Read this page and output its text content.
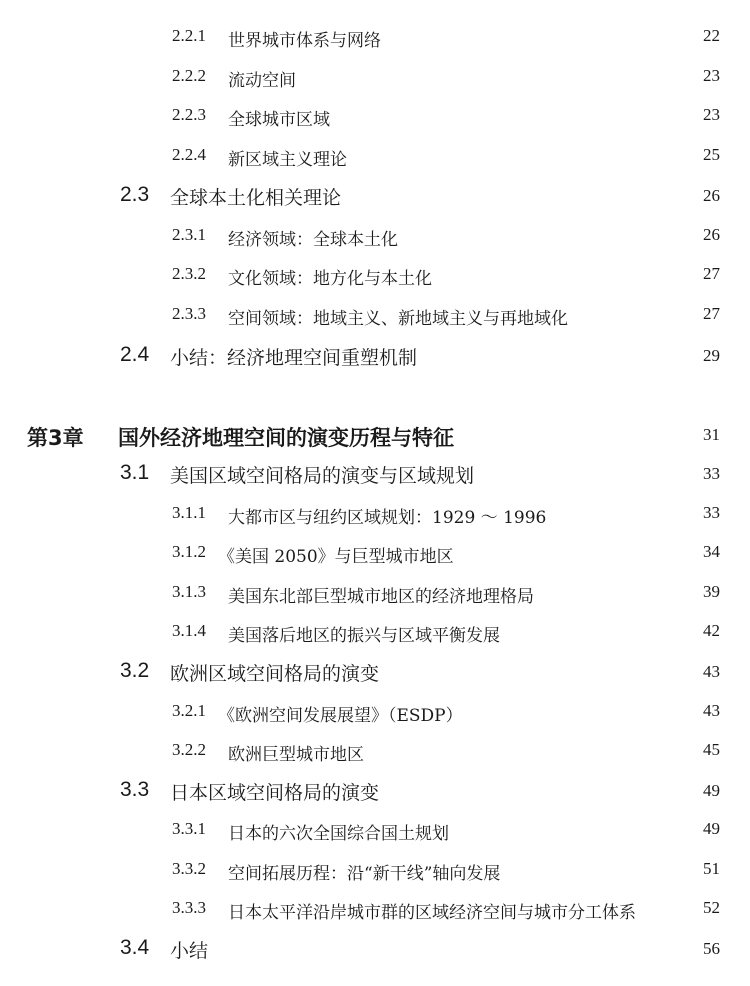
2.2.1 世界城市体系与网络	22
2.2.2 流动空间	23
2.2.3 全球城市区域	23
2.2.4 新区域主义理论	25
2.3 全球本土化相关理论	26
2.3.1 经济领域：全球本土化	26
2.3.2 文化领域：地方化与本土化	27
2.3.3 空间领域：地域主义、新地域主义与再地域化	27
2.4 小结：经济地理空间重塑机制	29
第3章 国外经济地理空间的演变历程与特征	31
3.1 美国区域空间格局的演变与区域规划	33
3.1.1 大都市区与纽约区域规划：1929 ～ 1996	33
3.1.2 《美国 2050》与巨型城市地区	34
3.1.3 美国东北部巨型城市地区的经济地理格局	39
3.1.4 美国落后地区的振兴与区域平衡发展	42
3.2 欧洲区域空间格局的演变	43
3.2.1 《欧洲空间发展展望》（ESDP）	43
3.2.2 欧洲巨型城市地区	45
3.3 日本区域空间格局的演变	49
3.3.1 日本的六次全国综合国土规划	49
3.3.2 空间拓展历程：沿“新干线”轴向发展	51
3.3.3 日本太平洋沿岸城市群的区域经济空间与城市分工体系	52
3.4 小结	56
